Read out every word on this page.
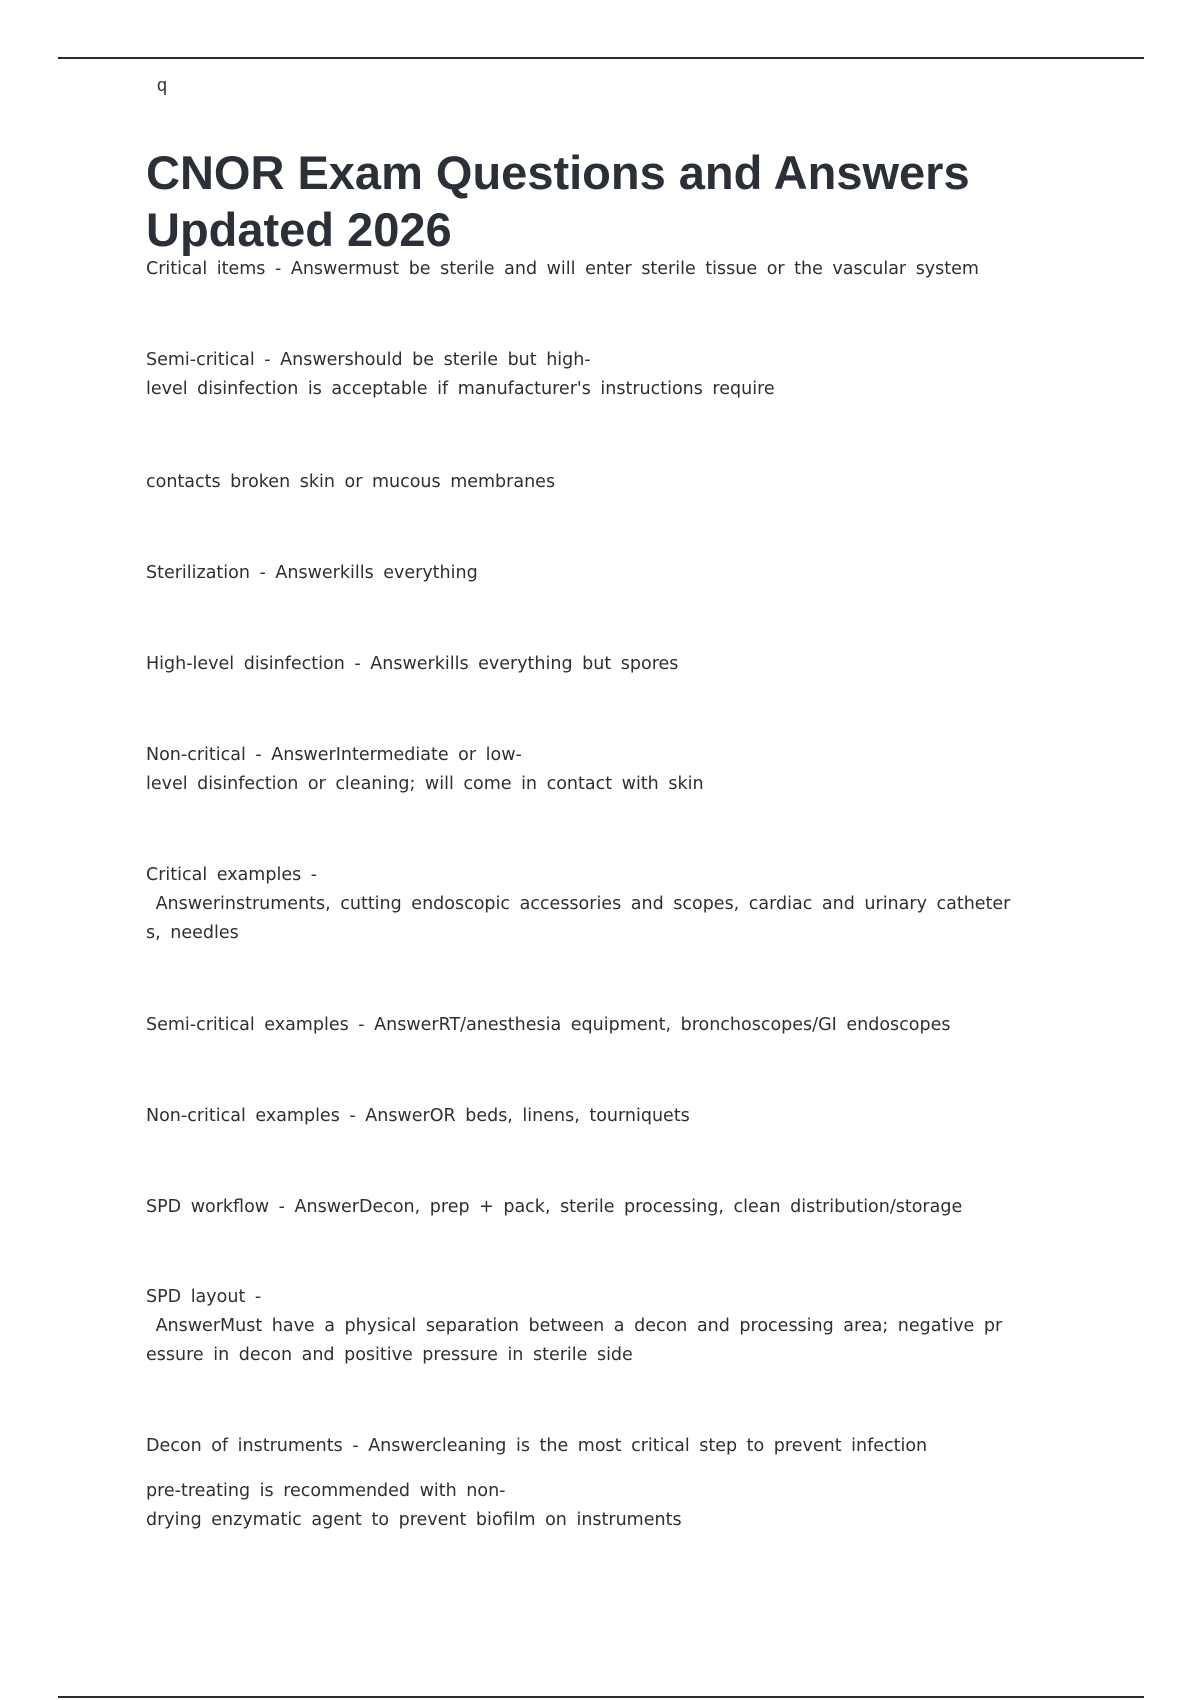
q
CNOR Exam Questions and Answers
Updated 2026
Critical items - Answermust be sterile and will enter sterile tissue or the vascular system
Semi-critical - Answershould be sterile but high-
level disinfection is acceptable if manufacturer's instructions require
contacts broken skin or mucous membranes
Sterilization - Answerkills everything
High-level disinfection - Answerkills everything but spores
Non-critical - AnswerIntermediate or low-
level disinfection or cleaning; will come in contact with skin
Critical examples -
Answerinstruments, cutting endoscopic accessories and scopes, cardiac and urinary catheter
s, needles
Semi-critical examples - AnswerRT/anesthesia equipment, bronchoscopes/GI endoscopes
Non-critical examples - AnswerOR beds, linens, tourniquets
SPD workflow - AnswerDecon, prep + pack, sterile processing, clean distribution/storage
SPD layout -
AnswerMust have a physical separation between a decon and processing area; negative pr
essure in decon and positive pressure in sterile side
Decon of instruments - Answercleaning is the most critical step to prevent infection
pre-treating is recommended with non-
drying enzymatic agent to prevent biofilm on instruments
